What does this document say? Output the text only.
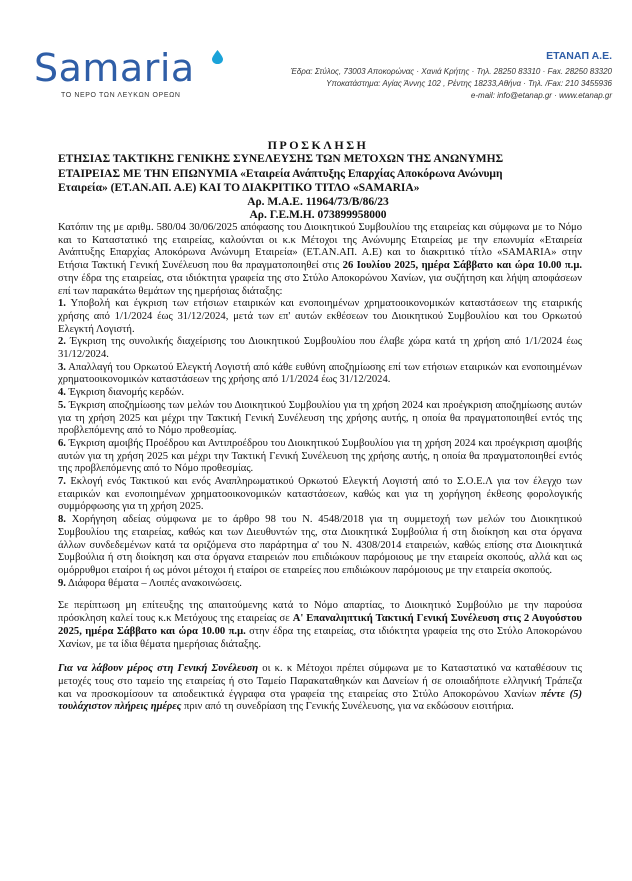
Samaria
ΤΟ ΝΕΡΟ ΤΩΝ ΛΕΥΚΩΝ ΟΡΕΩΝ
ΕΤΑΝΑΠ Α.Ε.
Έδρα: Στύλος, 73003 Αποκορώνας · Χανιά Κρήτης · Τηλ. 28250 83310 · Fax. 28250 83320
Υποκατάστημα: Αγίας Άννης 102 , Ρέντης 18233,Αθήνα · Τηλ. /Fax: 210 3455936
e-mail: info@etanap.gr · www.etanap.gr
ΠΡΟΣΚΛΗΣΗ
ΕΤΗΣΙΑΣ ΤΑΚΤΙΚΗΣ ΓΕΝΙΚΗΣ ΣΥΝΕΛΕΥΣΗΣ ΤΩΝ ΜΕΤΟΧΩΝ ΤΗΣ ΑΝΩΝΥΜΗΣ
ΕΤΑΙΡΕΙΑΣ ΜΕ ΤΗΝ ΕΠΩΝΥΜΙΑ «Εταιρεία Ανάπτυξης Επαρχίας Αποκόρωνα Ανώνυμη
Εταιρεία» (ΕΤ.ΑΝ.ΑΠ. Α.Ε) ΚΑΙ ΤΟ ΔΙΑΚΡΙΤΙΚΟ ΤΙΤΛΟ «SAMARIA»
Αρ. Μ.Α.Ε. 11964/73/Β/86/23
Αρ. Γ.Ε.Μ.Η. 073899958000

Κατόπιν της με αριθμ. 580/04 30/06/2025 απόφασης του Διοικητικού Συμβουλίου της εταιρείας και σύμφωνα με το Νόμο και το Καταστατικό της εταιρείας, καλούνται οι κ.κ Μέτοχοι της Ανώνυμης Εταιρείας με την επωνυμία «Εταιρεία Ανάπτυξης Επαρχίας Αποκόρωνα Ανώνυμη Εταιρεία» (ΕΤ.ΑΝ.ΑΠ. Α.Ε) και το διακριτικό τίτλο «SAMARIA» στην Ετήσια Τακτική Γενική Συνέλευση που θα πραγματοποιηθεί στις 26 Ιουλίου 2025, ημέρα Σάββατο και ώρα 10.00 π.μ. στην έδρα της εταιρείας, στα ιδιόκτητα γραφεία της στο Στύλο Αποκορώνου Χανίων, για συζήτηση και λήψη αποφάσεων επί των παρακάτω θεμάτων της ημερήσιας διάταξης:

1. Υποβολή και έγκριση των ετήσιων εταιρικών και ενοποιημένων χρηματοοικονομικών καταστάσεων της εταιρικής χρήσης από 1/1/2024 έως 31/12/2024, μετά των επ' αυτών εκθέσεων του Διοικητικού Συμβουλίου και του Ορκωτού Ελεγκτή Λογιστή.
2. Έγκριση της συνολικής διαχείρισης του Διοικητικού Συμβουλίου που έλαβε χώρα κατά τη χρήση από 1/1/2024 έως 31/12/2024.
3. Απαλλαγή του Ορκωτού Ελεγκτή Λογιστή από κάθε ευθύνη αποζημίωσης επί των ετήσιων εταιρικών και ενοποιημένων χρηματοοικονομικών καταστάσεων της χρήσης από 1/1/2024 έως 31/12/2024.
4. Έγκριση διανομής κερδών.
5. Έγκριση αποζημίωσης των μελών του Διοικητικού Συμβουλίου για τη χρήση 2024 και προέγκριση αποζημίωσης αυτών για τη χρήση 2025 και μέχρι την Τακτική Γενική Συνέλευση της χρήσης αυτής, η οποία θα πραγματοποιηθεί εντός της προβλεπόμενης από το Νόμο προθεσμίας.
6. Έγκριση αμοιβής Προέδρου και Αντιπροέδρου του Διοικητικού Συμβουλίου για τη χρήση 2024 και προέγκριση αμοιβής αυτών για τη χρήση 2025 και μέχρι την Τακτική Γενική Συνέλευση της χρήσης αυτής, η οποία θα πραγματοποιηθεί εντός της προβλεπόμενης από το Νόμο προθεσμίας.
7. Εκλογή ενός Τακτικού και ενός Αναπληρωματικού Ορκωτού Ελεγκτή Λογιστή από το Σ.Ο.Ε.Λ για τον έλεγχο των εταιρικών και ενοποιημένων χρηματοοικονομικών καταστάσεων, καθώς και για τη χορήγηση έκθεσης φορολογικής συμμόρφωσης για τη χρήση 2025.
8. Χορήγηση αδείας σύμφωνα με το άρθρο 98 του Ν. 4548/2018 για τη συμμετοχή των μελών του Διοικητικού Συμβουλίου της εταιρείας, καθώς και των Διευθυντών της, στα Διοικητικά Συμβούλια ή στη διοίκηση και στα όργανα άλλων συνδεδεμένων κατά τα οριζόμενα στο παράρτημα α' του Ν. 4308/2014 εταιρειών, καθώς επίσης στα Διοικητικά Συμβούλια ή στη διοίκηση και στα όργανα εταιρειών που επιδιώκουν παρόμοιους με την εταιρεία σκοπούς, αλλά και ως ομόρρυθμοι εταίροι ή ως μόνοι μέτοχοι ή εταίροι σε εταιρείες που επιδιώκουν παρόμοιους με την εταιρεία σκοπούς.
9. Διάφορα θέματα – Λοιπές ανακοινώσεις.

Σε περίπτωση μη επίτευξης της απαιτούμενης κατά το Νόμο απαρτίας, το Διοικητικό Συμβούλιο με την παρούσα πρόσκληση καλεί τους κ.κ Μετόχους της εταιρείας σε Α' Επαναληπτική Τακτική Γενική Συνέλευση στις 2 Αυγούστου 2025, ημέρα Σάββατο και ώρα 10.00 π.μ. στην έδρα της εταιρείας, στα ιδιόκτητα γραφεία της στο Στύλο Αποκορώνου Χανίων, με τα ίδια θέματα ημερήσιας διάταξης.

Για να λάβουν μέρος στη Γενική Συνέλευση οι κ. κ Μέτοχοι πρέπει σύμφωνα με το Καταστατικό να καταθέσουν τις μετοχές τους στο ταμείο της εταιρείας ή στο Ταμείο Παρακαταθηκών και Δανείων ή σε οποιαδήποτε ελληνική Τράπεζα και να προσκομίσουν τα αποδεικτικά έγγραφα στα γραφεία της εταιρείας στο Στύλο Αποκορώνου Χανίων πέντε (5) τουλάχιστον πλήρεις ημέρες πριν από τη συνεδρίαση της Γενικής Συνέλευσης, για να εκδώσουν εισιτήρια.
